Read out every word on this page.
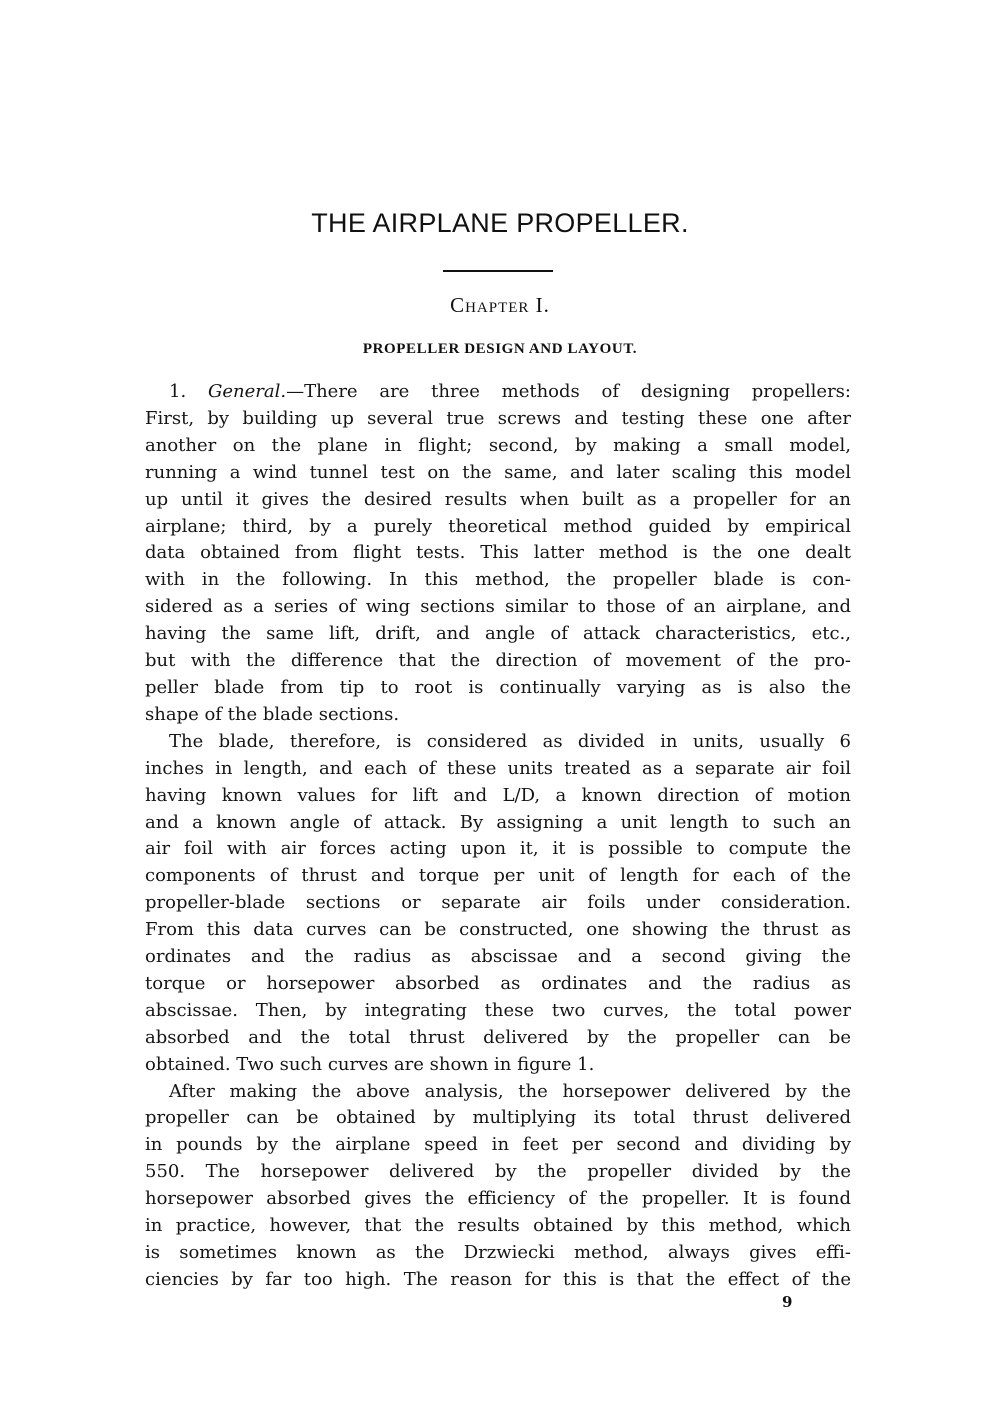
THE AIRPLANE PROPELLER.
Chapter I.
PROPELLER DESIGN AND LAYOUT.
1. General.—There are three methods of designing propellers:
First, by building up several true screws and testing these one after
another on the plane in flight; second, by making a small model,
running a wind tunnel test on the same, and later scaling this model
up until it gives the desired results when built as a propeller for an
airplane; third, by a purely theoretical method guided by empirical
data obtained from flight tests. This latter method is the one dealt
with in the following. In this method, the propeller blade is con-
sidered as a series of wing sections similar to those of an airplane, and
having the same lift, drift, and angle of attack characteristics, etc.,
but with the difference that the direction of movement of the pro-
peller blade from tip to root is continually varying as is also the
shape of the blade sections.
The blade, therefore, is considered as divided in units, usually 6
inches in length, and each of these units treated as a separate air foil
having known values for lift and L/D, a known direction of motion
and a known angle of attack. By assigning a unit length to such an
air foil with air forces acting upon it, it is possible to compute the
components of thrust and torque per unit of length for each of the
propeller-blade sections or separate air foils under consideration.
From this data curves can be constructed, one showing the thrust as
ordinates and the radius as abscissae and a second giving the
torque or horsepower absorbed as ordinates and the radius as
abscissae. Then, by integrating these two curves, the total power
absorbed and the total thrust delivered by the propeller can be
obtained. Two such curves are shown in figure 1.
After making the above analysis, the horsepower delivered by the
propeller can be obtained by multiplying its total thrust delivered
in pounds by the airplane speed in feet per second and dividing by
550. The horsepower delivered by the propeller divided by the
horsepower absorbed gives the efficiency of the propeller. It is found
in practice, however, that the results obtained by this method, which
is sometimes known as the Drzwiecki method, always gives effi-
ciencies by far too high. The reason for this is that the effect of the
9
